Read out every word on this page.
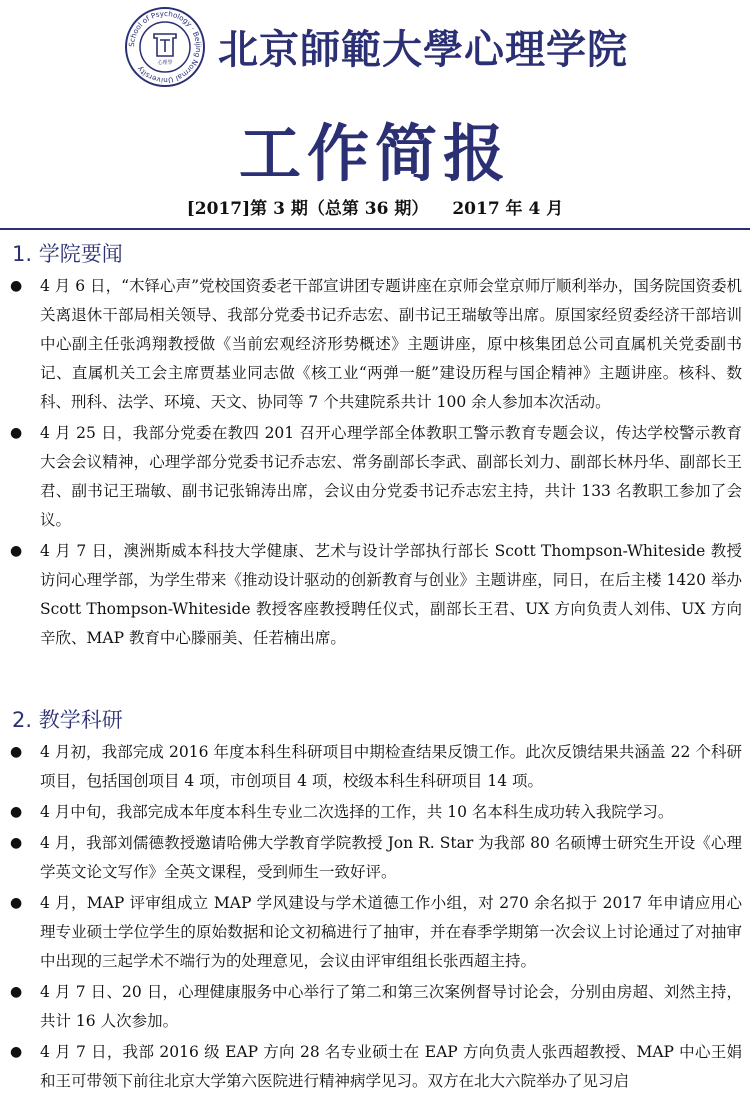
School of Psychology · Beijing Normal University
心理學 北京師範大學心理学院
工作简报
[2017]第 3 期（总第 36 期） 2017 年 4 月
1. 学院要闻
● 4 月 6 日，“木铎心声”党校国资委老干部宣讲团专题讲座在京师会堂京师厅顺利举办，国务院国资委机关离退休干部局相关领导、我部分党委书记乔志宏、副书记王瑞敏等出席。原国家经贸委经济干部培训中心副主任张鸿翔教授做《当前宏观经济形势概述》主题讲座，原中核集团总公司直属机关党委副书记、直属机关工会主席贾基业同志做《核工业“两弹一艇”建设历程与国企精神》主题讲座。核科、数科、刑科、法学、环境、天文、协同等 7 个共建院系共计 100 余人参加本次活动。
● 4 月 25 日，我部分党委在教四 201 召开心理学部全体教职工警示教育专题会议，传达学校警示教育大会会议精神，心理学部分党委书记乔志宏、常务副部长李武、副部长刘力、副部长林丹华、副部长王君、副书记王瑞敏、副书记张锦涛出席，会议由分党委书记乔志宏主持，共计 133 名教职工参加了会议。
● 4 月 7 日，澳洲斯威本科技大学健康、艺术与设计学部执行部长 Scott Thompson-Whiteside 教授访问心理学部，为学生带来《推动设计驱动的创新教育与创业》主题讲座，同日，在后主楼 1420 举办 Scott Thompson-Whiteside 教授客座教授聘任仪式，副部长王君、UX 方向负责人刘伟、UX 方向辛欣、MAP 教育中心滕丽美、任若楠出席。
2. 教学科研
● 4 月初，我部完成 2016 年度本科生科研项目中期检查结果反馈工作。此次反馈结果共涵盖 22 个科研项目，包括国创项目 4 项，市创项目 4 项，校级本科生科研项目 14 项。
● 4 月中旬，我部完成本年度本科生专业二次选择的工作，共 10 名本科生成功转入我院学习。
● 4 月，我部刘儒德教授邀请哈佛大学教育学院教授 Jon R. Star 为我部 80 名硕博士研究生开设《心理学英文论文写作》全英文课程，受到师生一致好评。
● 4 月，MAP 评审组成立 MAP 学风建设与学术道德工作小组，对 270 余名拟于 2017 年申请应用心理专业硕士学位学生的原始数据和论文初稿进行了抽审，并在春季学期第一次会议上讨论通过了对抽审中出现的三起学术不端行为的处理意见，会议由评审组组长张西超主持。
● 4 月 7 日、20 日，心理健康服务中心举行了第二和第三次案例督导讨论会，分别由房超、刘然主持，共计 16 人次参加。
● 4 月 7 日，我部 2016 级 EAP 方向 28 名专业硕士在 EAP 方向负责人张西超教授、MAP 中心王娟和王可带领下前往北京大学第六医院进行精神病学见习。双方在北大六院举办了见习启
